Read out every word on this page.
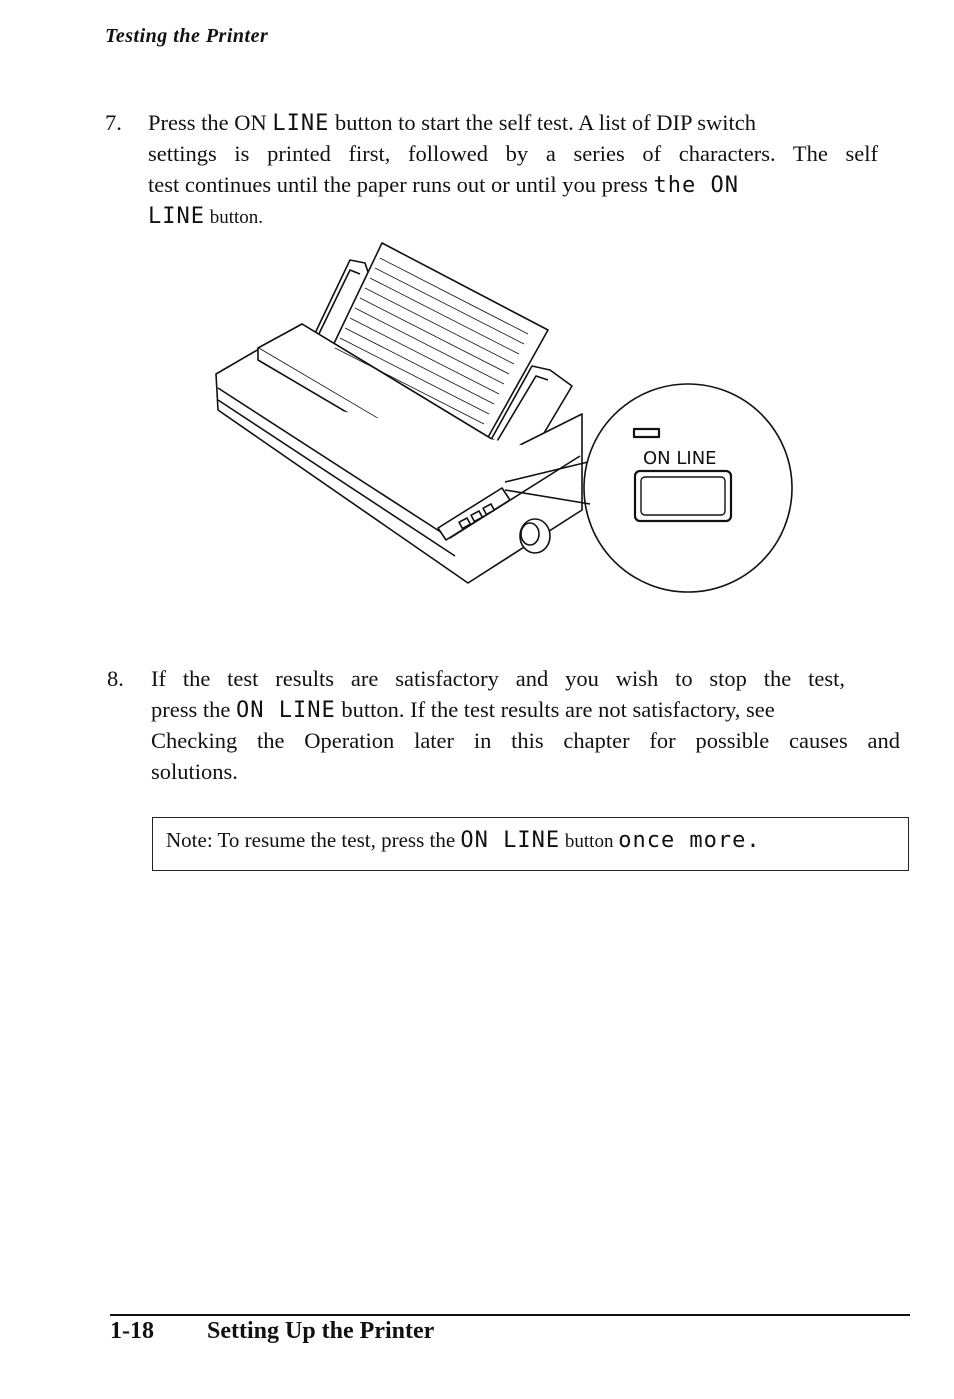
Testing the Printer
7. Press the ON LINE button to start the self test. A list of DIP switch
settings is printed first, followed by a series of characters. The self
test continues until the paper runs out or until you press the ON
LINE button.
ON LINE
8. If the test results are satisfactory and you wish to stop the test,
press the ON LINE button. If the test results are not satisfactory, see
Checking the Operation later in this chapter for possible causes and
solutions.
Note: To resume the test, press the ON LINE button once more.
1-18 Setting Up the Printer
